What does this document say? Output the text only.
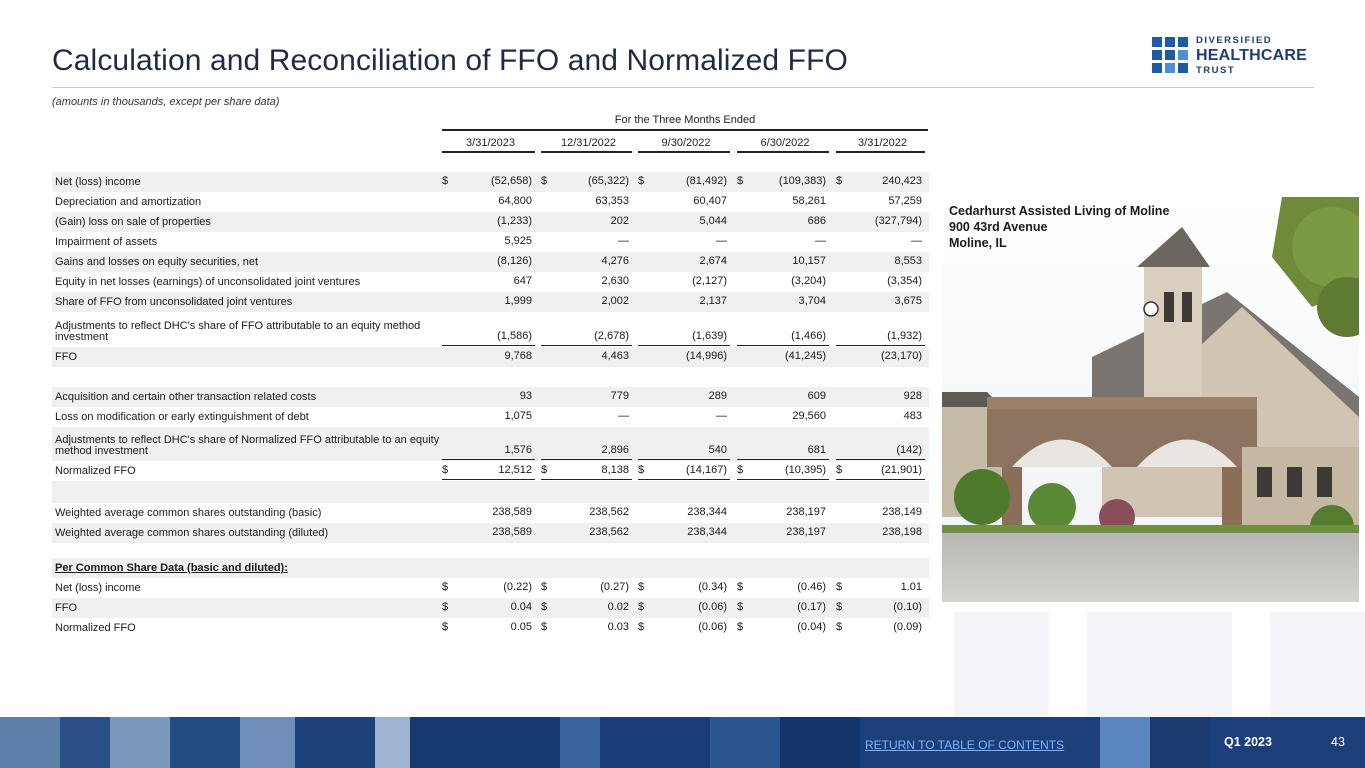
Calculation and Reconciliation of FFO and Normalized FFO
(amounts in thousands, except per share data)
DIVERSIFIED
HEALTHCARE
TRUST
For the Three Months Ended
3/31/2023	12/31/2022	9/30/2022	6/30/2022	3/31/2022
Net (loss) income	$	(52,658) $	(65,322) $	(81,492) $	(109,383) $	240,423
Depreciation and amortization	64,800	63,353	60,407	58,261	57,259
(Gain) loss on sale of properties	(1,233)	202	5,044	686	(327,794)
Impairment of assets	5,925	—	—	—	—
Gains and losses on equity securities, net	(8,126)	4,276	2,674	10,157	8,553
Equity in net losses (earnings) of unconsolidated joint ventures	647	2,630	(2,127)	(3,204)	(3,354)
Share of FFO from unconsolidated joint ventures	1,999	2,002	2,137	3,704	3,675
Adjustments to reflect DHC's share of FFO attributable to an equity method investment	(1,586)	(2,678)	(1,639)	(1,466)	(1,932)
FFO	9,768	4,463	(14,996)	(41,245)	(23,170)
Acquisition and certain other transaction related costs	93	779	289	609	928
Loss on modification or early extinguishment of debt	1,075	—	—	29,560	483
Adjustments to reflect DHC's share of Normalized FFO attributable to an equity method investment	1,576	2,896	540	681	(142)
Normalized FFO	$	12,512 $	8,138 $	(14,167) $	(10,395) $	(21,901)
Weighted average common shares outstanding (basic)	238,589	238,562	238,344	238,197	238,149
Weighted average common shares outstanding (diluted)	238,589	238,562	238,344	238,197	238,198
Per Common Share Data (basic and diluted):
Net (loss) income	$	(0.22) $	(0.27) $	(0.34) $	(0.46) $	1.01
FFO	$	0.04 $	0.02 $	(0.06) $	(0.17) $	(0.10)
Normalized FFO	$	0.05 $	0.03 $	(0.06) $	(0.04) $	(0.09)
Cedarhurst Assisted Living of Moline
900 43rd Avenue
Moline, IL
RETURN TO TABLE OF CONTENTS	Q1 2023	43
